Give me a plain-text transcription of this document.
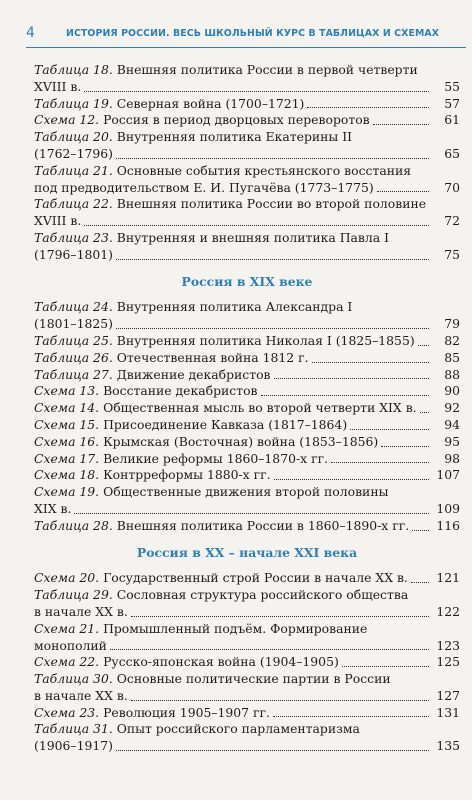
4	ИСТОРИЯ РОССИИ. ВЕСЬ ШКОЛЬНЫЙ КУРС В ТАБЛИЦАХ И СХЕМАХ
Таблица 18. Внешняя политика России в первой четверти
XVIII в.	55
Таблица 19. Северная война (1700–1721)	57
Схема 12. Россия в период дворцовых переворотов	61
Таблица 20. Внутренняя политика Екатерины II
(1762–1796)	65
Таблица 21. Основные события крестьянского восстания
под предводительством Е. И. Пугачёва (1773–1775)	70
Таблица 22. Внешняя политика России во второй половине
XVIII в.	72
Таблица 23. Внутренняя и внешняя политика Павла I
(1796–1801)	75
Россия в XIX веке
Таблица 24. Внутренняя политика Александра I
(1801–1825)	79
Таблица 25. Внутренняя политика Николая I (1825–1855)	82
Таблица 26. Отечественная война 1812 г.	85
Таблица 27. Движение декабристов	88
Схема 13. Восстание декабристов	90
Схема 14. Общественная мысль во второй четверти XIX в.	92
Схема 15. Присоединение Кавказа (1817–1864)	94
Схема 16. Крымская (Восточная) война (1853–1856)	95
Схема 17. Великие реформы 1860–1870-х гг.	98
Схема 18. Контрреформы 1880-х гг.	107
Схема 19. Общественные движения второй половины
XIX в.	109
Таблица 28. Внешняя политика России в 1860–1890-х гг.	116
Россия в XX – начале XXI века
Схема 20. Государственный строй России в начале XX в.	121
Таблица 29. Сословная структура российского общества
в начале XX в.	122
Схема 21. Промышленный подъём. Формирование
монополий	123
Схема 22. Русско-японская война (1904–1905)	125
Таблица 30. Основные политические партии в России
в начале XX в.	127
Схема 23. Революция 1905–1907 гг.	131
Таблица 31. Опыт российского парламентаризма
(1906–1917)	135
